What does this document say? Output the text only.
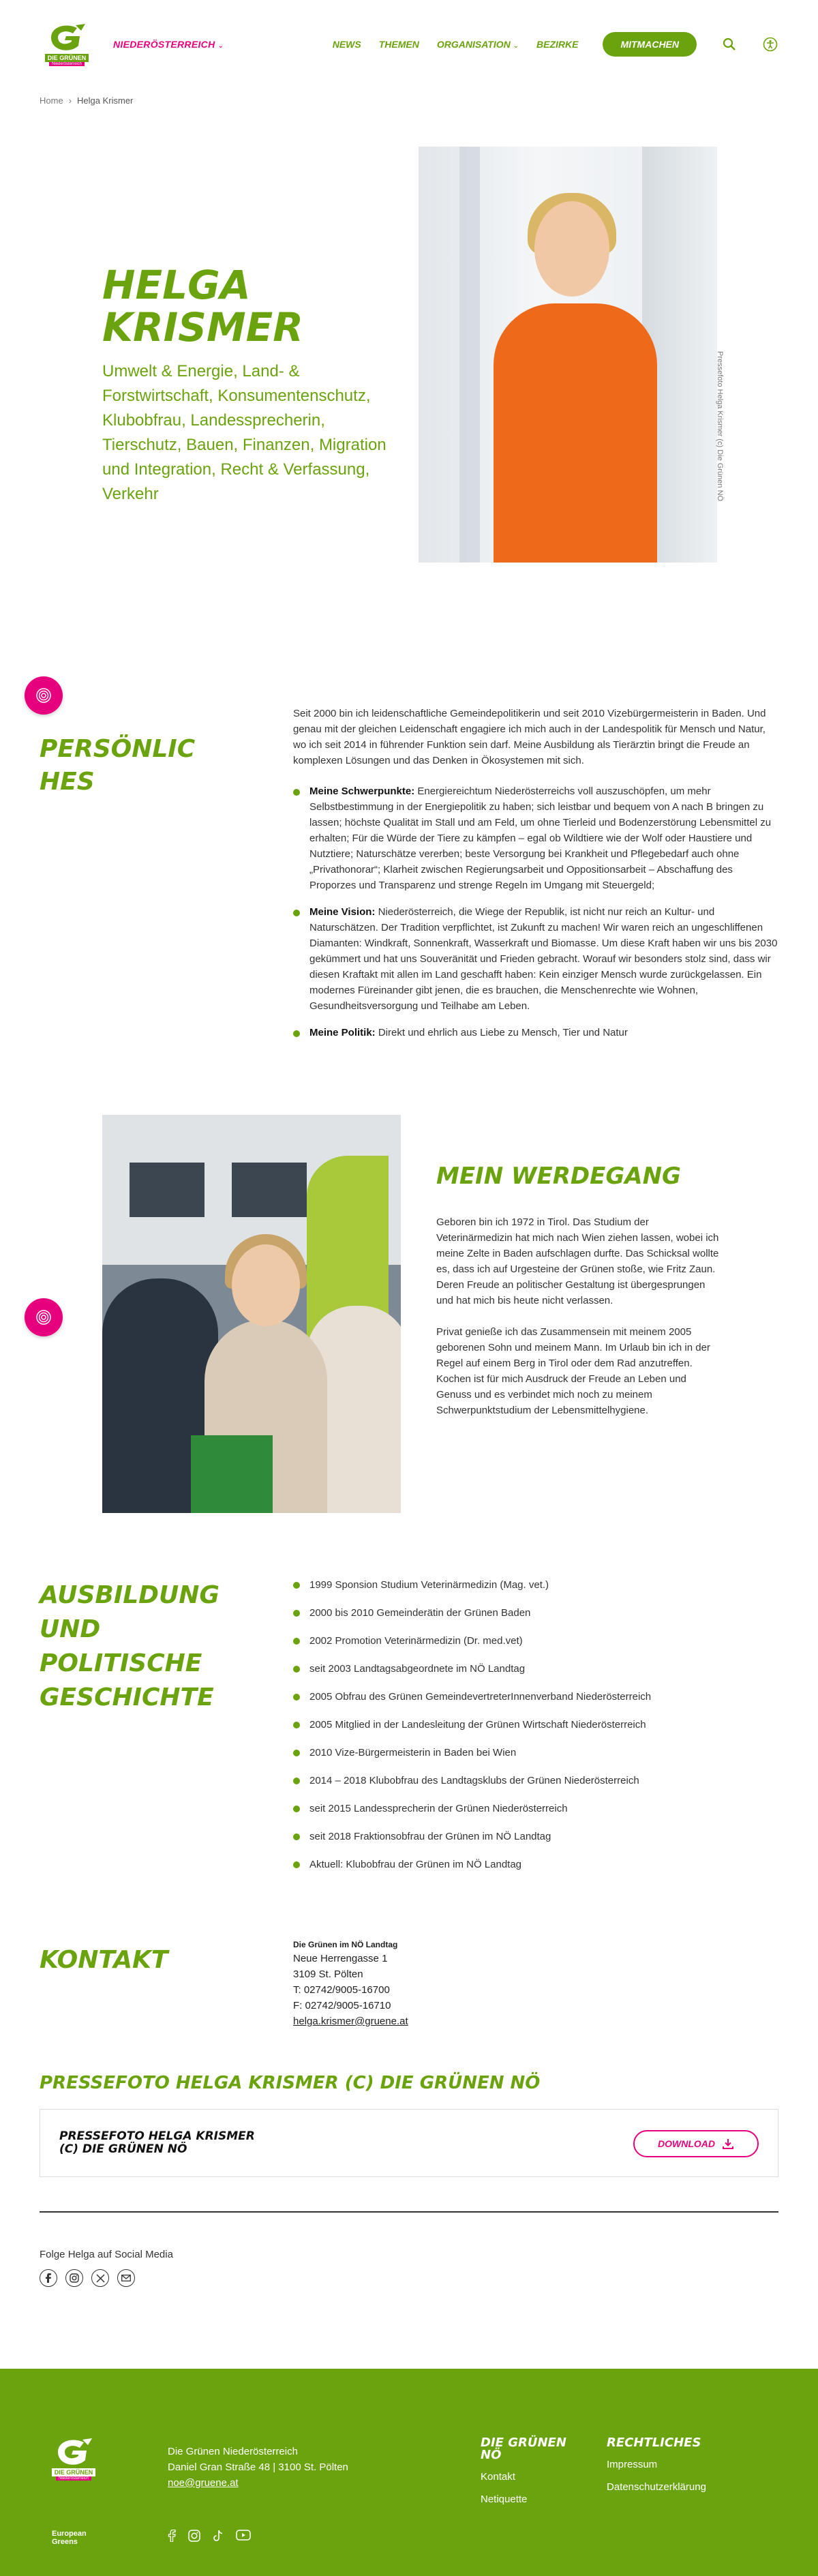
DIE GRÜNEN
Niederösterreich
NIEDERÖSTERREICH ⌄	NEWS THEMEN ORGANISATION ⌄ BEZIRKE	MITMACHEN
Home › Helga Krismer
HELGA
KRISMER
Umwelt & Energie, Land- & Forstwirtschaft, Konsumentenschutz, Klubobfrau, Landessprecherin, Tierschutz, Bauen, Finanzen, Migration und Integration, Recht & Verfassung, Verkehr	Pressefoto Helga Krismer (c) Die Grünen NÖ
PERSÖNLICHES

Seit 2000 bin ich leidenschaftliche Gemeindepolitikerin und seit 2010 Vizebürgermeisterin in Baden. Und genau mit der gleichen Leidenschaft engagiere ich mich auch in der Landespolitik für Mensch und Natur, wo ich seit 2014 in führender Funktion sein darf. Meine Ausbildung als Tierärztin bringt die Freude an komplexen Lösungen und das Denken in Ökosystemen mit sich.

Meine Schwerpunkte: Energiereichtum Niederösterreichs voll auszuschöpfen, um mehr Selbstbestimmung in der Energiepolitik zu haben; sich leistbar und bequem von A nach B bringen zu lassen; höchste Qualität im Stall und am Feld, um ohne Tierleid und Bodenzerstörung Lebensmittel zu erhalten; Für die Würde der Tiere zu kämpfen – egal ob Wildtiere wie der Wolf oder Haustiere und Nutztiere; Naturschätze vererben; beste Versorgung bei Krankheit und Pflegebedarf auch ohne „Privathonorar“; Klarheit zwischen Regierungsarbeit und Oppositionsarbeit – Abschaffung des Proporzes und Transparenz und strenge Regeln im Umgang mit Steuergeld;
Meine Vision: Niederösterreich, die Wiege der Republik, ist nicht nur reich an Kultur- und Naturschätzen. Der Tradition verpflichtet, ist Zukunft zu machen! Wir waren reich an ungeschliffenen Diamanten: Windkraft, Sonnenkraft, Wasserkraft und Biomasse. Um diese Kraft haben wir uns bis 2030 gekümmert und hat uns Souveränität und Frieden gebracht. Worauf wir besonders stolz sind, dass wir diesen Kraftakt mit allen im Land geschafft haben: Kein einziger Mensch wurde zurückgelassen. Ein modernes Füreinander gibt jenen, die es brauchen, die Menschenrechte wie Wohnen, Gesundheitsversorgung und Teilhabe am Leben.
Meine Politik: Direkt und ehrlich aus Liebe zu Mensch, Tier und Natur
MEIN WERDEGANG

Geboren bin ich 1972 in Tirol. Das Studium der Veterinärmedizin hat mich nach Wien ziehen lassen, wobei ich meine Zelte in Baden aufschlagen durfte. Das Schicksal wollte es, dass ich auf Urgesteine der Grünen stoße, wie Fritz Zaun. Deren Freude an politischer Gestaltung ist übergesprungen und hat mich bis heute nicht verlassen.

Privat genieße ich das Zusammensein mit meinem 2005 geborenen Sohn und meinem Mann. Im Urlaub bin ich in der Regel auf einem Berg in Tirol oder dem Rad anzutreffen. Kochen ist für mich Ausdruck der Freude an Leben und Genuss und es verbindet mich noch zu meinem Schwerpunktstudium der Lebensmittelhygiene.

AUSBILDUNG
UND
POLITISCHE
GESCHICHTE
1999 Sponsion Studium Veterinärmedizin (Mag. vet.)
2000 bis 2010 Gemeinderätin der Grünen Baden
2002 Promotion Veterinärmedizin (Dr. med.vet)
seit 2003 Landtagsabgeordnete im NÖ Landtag
2005 Obfrau des Grünen GemeindevertreterInnenverband Niederösterreich
2005 Mitglied in der Landesleitung der Grünen Wirtschaft Niederösterreich
2010 Vize-Bürgermeisterin in Baden bei Wien
2014 – 2018 Klubobfrau des Landtagsklubs der Grünen Niederösterreich
seit 2015 Landessprecherin der Grünen Niederösterreich
seit 2018 Fraktionsobfrau der Grünen im NÖ Landtag
Aktuell: Klubobfrau der Grünen im NÖ Landtag
KONTAKT
Die Grünen im NÖ Landtag
Neue Herrengasse 1
3109 St. Pölten
T: 02742/9005-16700
F: 02742/9005-16710
helga.krismer@gruene.at
PRESSEFOTO HELGA KRISMER (C) DIE GRÜNEN NÖ
PRESSEFOTO HELGA KRISMER
(C) DIE GRÜNEN NÖ	DOWNLOAD
Folge Helga auf Social Media
DIE GRÜNEN
Niederösterreich
European
Greens
Die Grünen Niederösterreich
Daniel Gran Straße 48 | 3100 St. Pölten
noe@gruene.at
DIE GRÜNEN NÖ
Kontakt
Netiquette
RECHTLICHES
Impressum
Datenschutzerklärung
